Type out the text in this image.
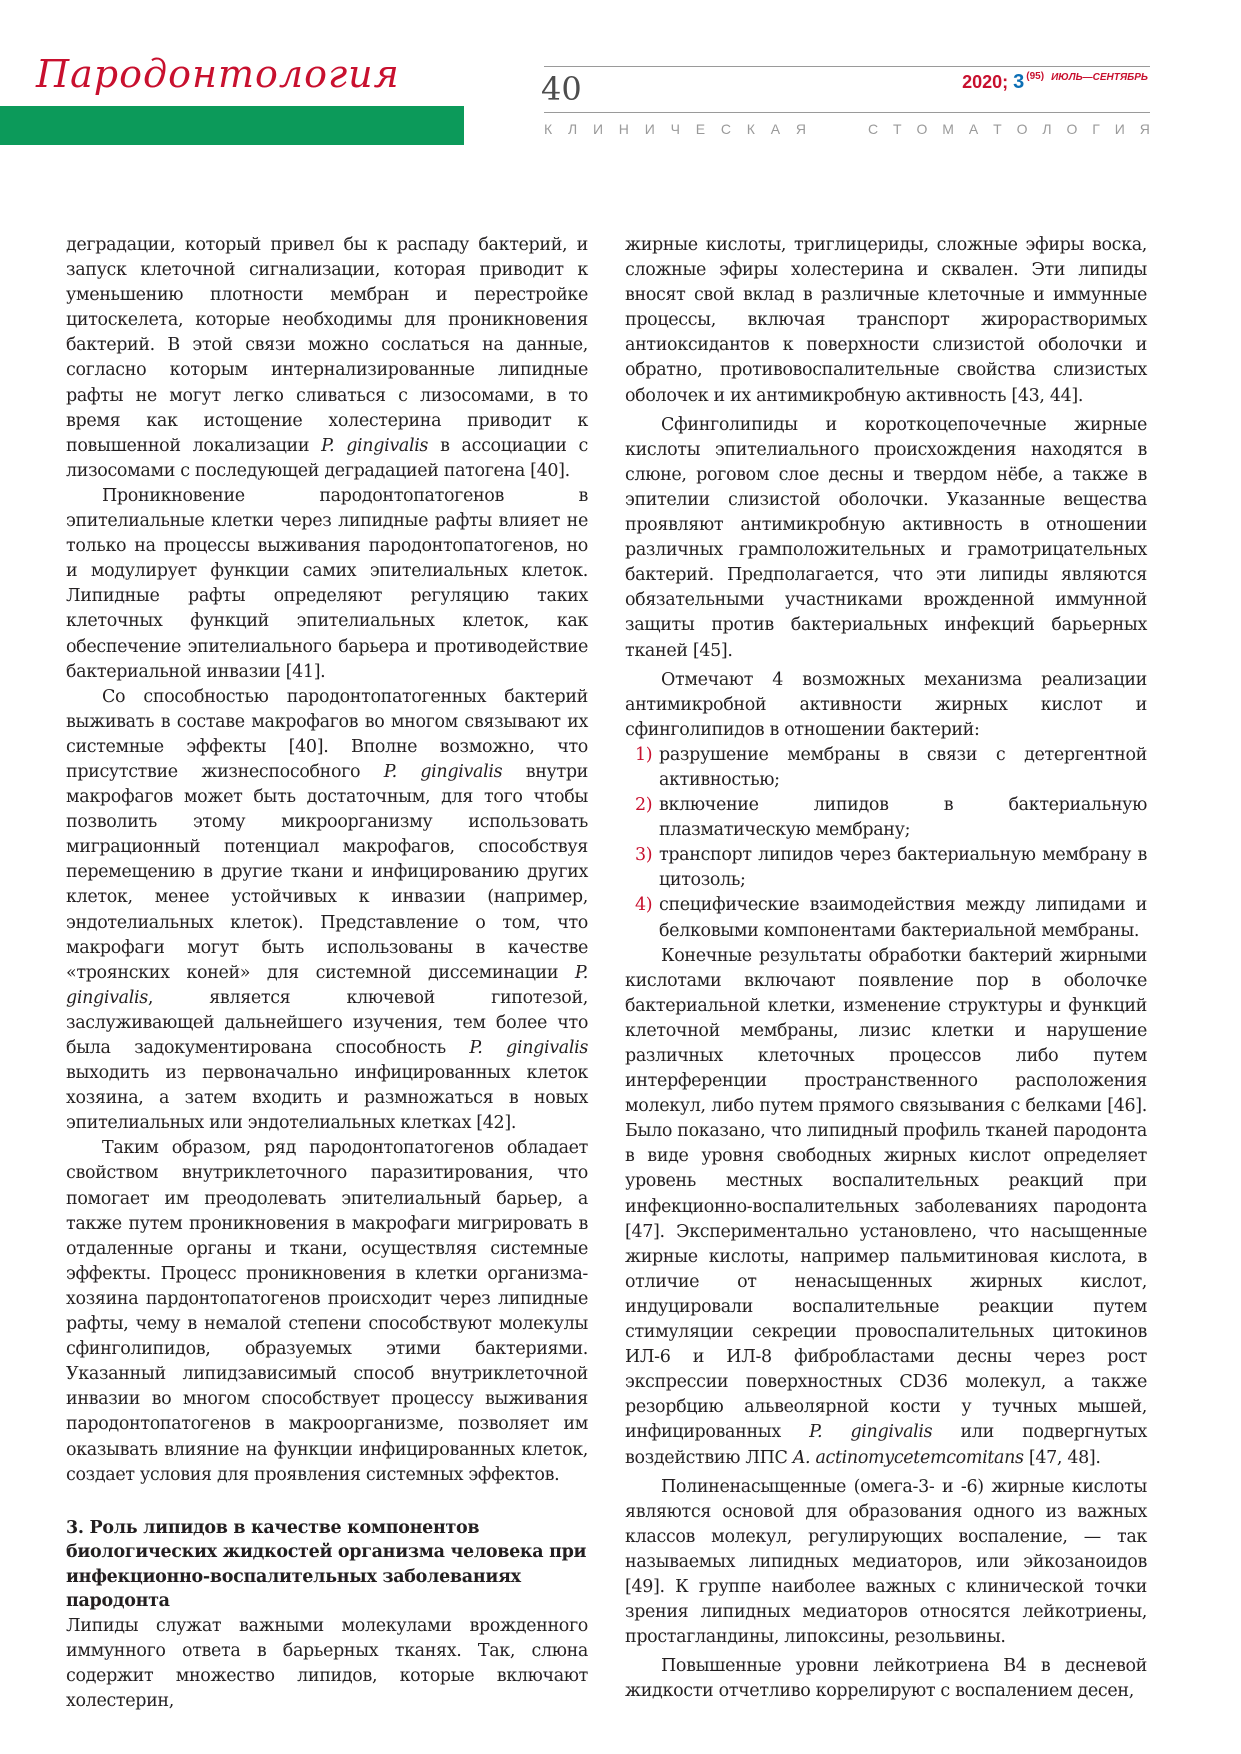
Пародонтология	40	2020; 3 $^{(95)}$ $^{ИЮЛЬ—СЕНТЯБРЬ}$
К Л И Н И Ч Е С К А Я	С Т О М А Т О Л О Г И Я

деградации, который привел бы к распаду бактерий, и запуск клеточной сигнализации, которая приводит к уменьшению плотности мембран и перестройке цитоскелета, которые необходимы для проникновения бактерий. В этой связи можно сослаться на данные, согласно которым интернализированные липидные рафты не могут легко сливаться с лизосомами, в то время как истощение холестерина приводит к повышенной локализации P. gingivalis в ассоциации с лизосомами с последующей деградацией патогена [40].

Проникновение пародонтопатогенов в эпителиальные клетки через липидные рафты влияет не только на процессы выживания пародонтопатогенов, но и модулирует функции самих эпителиальных клеток. Липидные рафты определяют регуляцию таких клеточных функций эпителиальных клеток, как обеспечение эпителиального барьера и противодействие бактериальной инвазии [41].

Со способностью пародонтопатогенных бактерий выживать в составе макрофагов во многом связывают их системные эффекты [40]. Вполне возможно, что присутствие жизнеспособного P. gingivalis внутри макрофагов может быть достаточным, для того чтобы позволить этому микроорганизму использовать миграционный потенциал макрофагов, способствуя перемещению в другие ткани и инфицированию других клеток, менее устойчивых к инвазии (например, эндотелиальных клеток). Представление о том, что макрофаги могут быть использованы в качестве «троянских коней» для системной диссеминации P. gingivalis, является ключевой гипотезой, заслуживающей дальнейшего изучения, тем более что была задокументирована способность P. gingivalis выходить из первоначально инфицированных клеток хозяина, а затем входить и размножаться в новых эпителиальных или эндотелиальных клетках [42].

Таким образом, ряд пародонтопатогенов обладает свойством внутриклеточного паразитирования, что помогает им преодолевать эпителиальный барьер, а также путем проникновения в макрофаги мигрировать в отдаленные органы и ткани, осуществляя системные эффекты. Процесс проникновения в клетки организма-хозяина пардонтопатогенов происходит через липидные рафты, чему в немалой степени способствуют молекулы сфинголипидов, образуемых этими бактериями. Указанный липидзависимый способ внутриклеточной инвазии во многом способствует процессу выживания пародонтопатогенов в макроорганизме, позволяет им оказывать влияние на функции инфицированных клеток, создает условия для проявления системных эффектов.

3. Роль липидов в качестве компонентов биологических жидкостей организма человека при инфекционно-воспалительных заболеваниях пародонта

Липиды служат важными молекулами врожденного иммунного ответа в барьерных тканях. Так, слюна содержит множество липидов, которые включают холестерин,

жирные кислоты, триглицериды, сложные эфиры воска, сложные эфиры холестерина и сквален. Эти липиды вносят свой вклад в различные клеточные и иммунные процессы, включая транспорт жирорастворимых антиоксидантов к поверхности слизистой оболочки и обратно, противовоспалительные свойства слизистых оболочек и их антимикробную активность [43, 44].

Сфинголипиды и короткоцепочечные жирные кислоты эпителиального происхождения находятся в слюне, роговом слое десны и твердом нёбе, а также в эпителии слизистой оболочки. Указанные вещества проявляют антимикробную активность в отношении различных грамположительных и грамотрицательных бактерий. Предполагается, что эти липиды являются обязательными участниками врожденной иммунной защиты против бактериальных инфекций барьерных тканей [45].

Отмечают 4 возможных механизма реализации антимикробной активности жирных кислот и сфинголипидов в отношении бактерий:

1) разрушение мембраны в связи с детергентной активностью;
2) включение липидов в бактериальную плазматическую мембрану;
3) транспорт липидов через бактериальную мембрану в цитозоль;
4) специфические взаимодействия между липидами и белковыми компонентами бактериальной мембраны.

Конечные результаты обработки бактерий жирными кислотами включают появление пор в оболочке бактериальной клетки, изменение структуры и функций клеточной мембраны, лизис клетки и нарушение различных клеточных процессов либо путем интерференции пространственного расположения молекул, либо путем прямого связывания с белками [46]. Было показано, что липидный профиль тканей пародонта в виде уровня свободных жирных кислот определяет уровень местных воспалительных реакций при инфекционно-воспалительных заболеваниях пародонта [47]. Экспериментально установлено, что насыщенные жирные кислоты, например пальмитиновая кислота, в отличие от ненасыщенных жирных кислот, индуцировали воспалительные реакции путем стимуляции секреции провоспалительных цитокинов ИЛ-6 и ИЛ-8 фибробластами десны через рост экспрессии поверхностных CD36 молекул, а также резорбцию альвеолярной кости у тучных мышей, инфицированных P. gingivalis или подвергнутых воздействию ЛПС A. actinomycetemcomitans [47, 48].

Полиненасыщенные (омега-3- и -6) жирные кислоты являются основой для образования одного из важных классов молекул, регулирующих воспаление, — так называемых липидных медиаторов, или эйкозаноидов [49]. К группе наиболее важных с клинической точки зрения липидных медиаторов относятся лейкотриены, простагландины, липоксины, резольвины.

Повышенные уровни лейкотриена B4 в десневой жидкости отчетливо коррелируют с воспалением десен,
